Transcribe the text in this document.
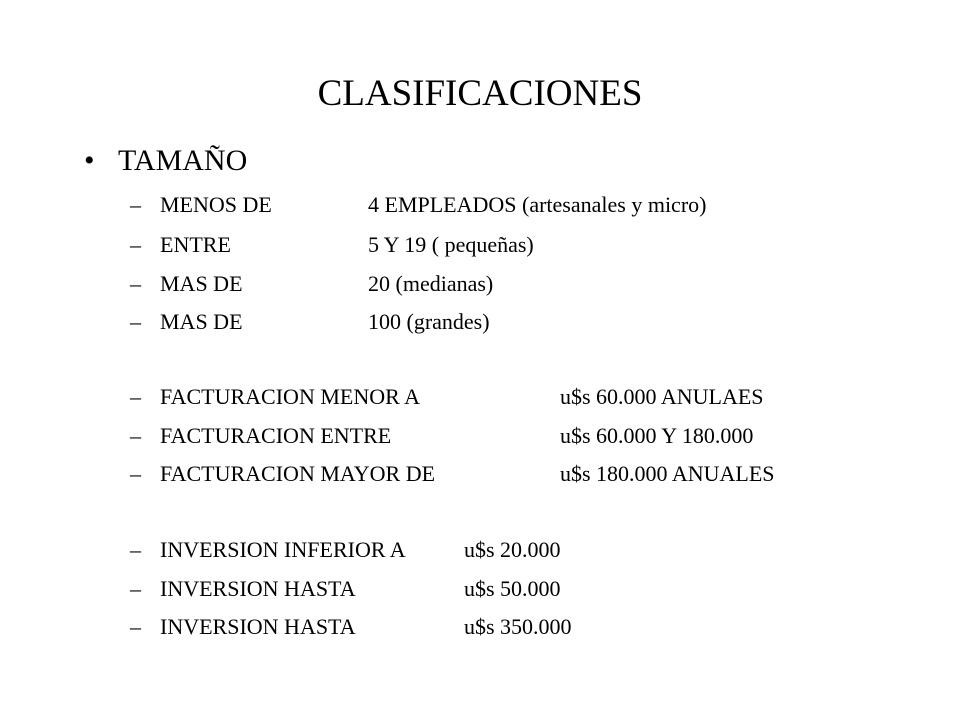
CLASIFICACIONES
• TAMAÑO
– MENOS DE	4 EMPLEADOS (artesanales y micro)
– ENTRE	5 Y 19 ( pequeñas)
– MAS DE	20 (medianas)
– MAS DE	100 (grandes)
– FACTURACION MENOR A	u$s 60.000 ANULAES
– FACTURACION ENTRE	u$s 60.000 Y 180.000
– FACTURACION MAYOR DE	u$s 180.000 ANUALES
– INVERSION INFERIOR A	u$s 20.000
– INVERSION HASTA	u$s 50.000
– INVERSION HASTA	u$s 350.000
